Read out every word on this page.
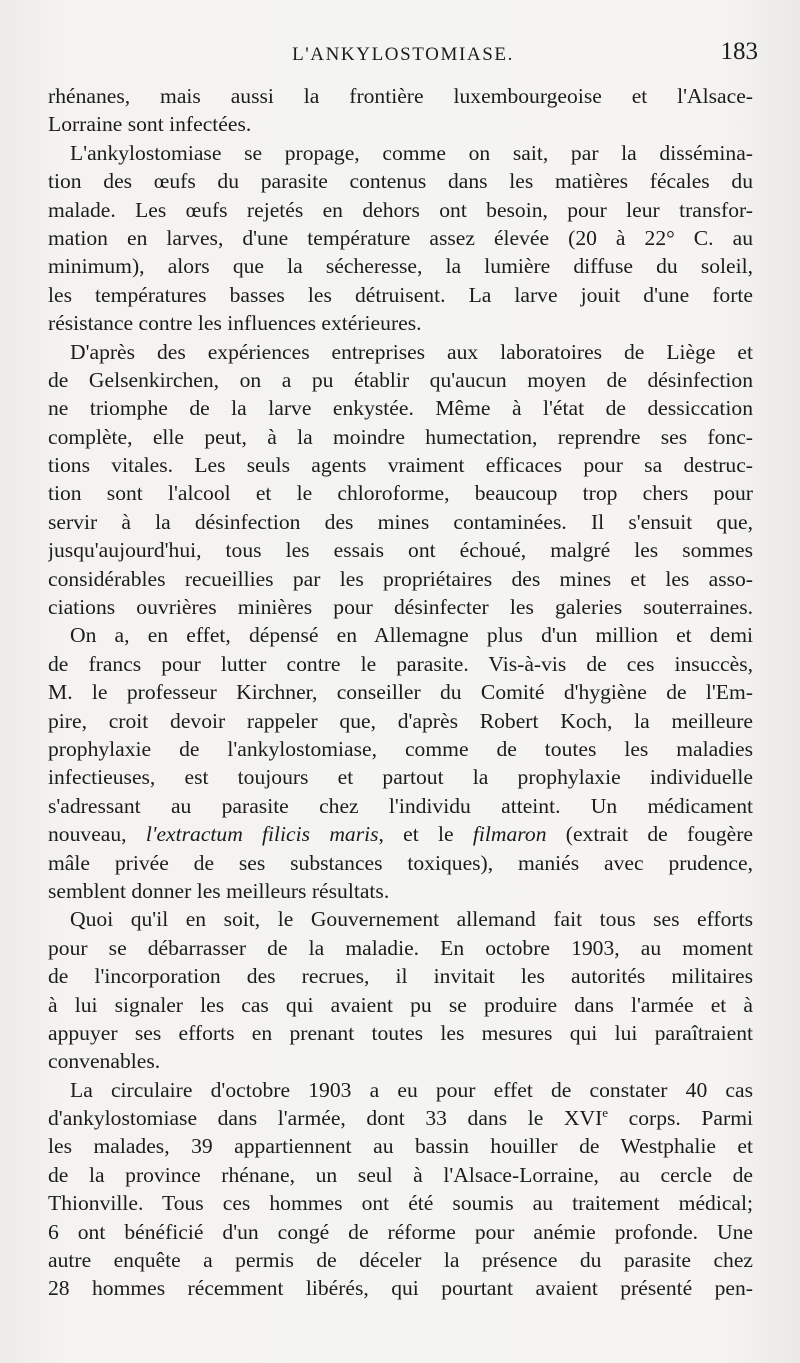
L'ANKYLOSTOMIASE.	183
rhénanes, mais aussi la frontière luxembourgeoise et l'Alsace-
Lorraine sont infectées.
L'ankylostomiase se propage, comme on sait, par la dissémina-
tion des œufs du parasite contenus dans les matières fécales du
malade. Les œufs rejetés en dehors ont besoin, pour leur transfor-
mation en larves, d'une température assez élevée (20 à 22° C. au
minimum), alors que la sécheresse, la lumière diffuse du soleil,
les températures basses les détruisent. La larve jouit d'une forte
résistance contre les influences extérieures.
D'après des expériences entreprises aux laboratoires de Liège et
de Gelsenkirchen, on a pu établir qu'aucun moyen de désinfection
ne triomphe de la larve enkystée. Même à l'état de dessiccation
complète, elle peut, à la moindre humectation, reprendre ses fonc-
tions vitales. Les seuls agents vraiment efficaces pour sa destruc-
tion sont l'alcool et le chloroforme, beaucoup trop chers pour
servir à la désinfection des mines contaminées. Il s'ensuit que,
jusqu'aujourd'hui, tous les essais ont échoué, malgré les sommes
considérables recueillies par les propriétaires des mines et les asso-
ciations ouvrières minières pour désinfecter les galeries souterraines.
On a, en effet, dépensé en Allemagne plus d'un million et demi
de francs pour lutter contre le parasite. Vis-à-vis de ces insuccès,
M. le professeur Kirchner, conseiller du Comité d'hygiène de l'Em-
pire, croit devoir rappeler que, d'après Robert Koch, la meilleure
prophylaxie de l'ankylostomiase, comme de toutes les maladies
infectieuses, est toujours et partout la prophylaxie individuelle
s'adressant au parasite chez l'individu atteint. Un médicament
nouveau, l'extractum filicis maris, et le filmaron (extrait de fougère
mâle privée de ses substances toxiques), maniés avec prudence,
semblent donner les meilleurs résultats.
Quoi qu'il en soit, le Gouvernement allemand fait tous ses efforts
pour se débarrasser de la maladie. En octobre 1903, au moment
de l'incorporation des recrues, il invitait les autorités militaires
à lui signaler les cas qui avaient pu se produire dans l'armée et à
appuyer ses efforts en prenant toutes les mesures qui lui paraîtraient
convenables.
La circulaire d'octobre 1903 a eu pour effet de constater 40 cas
d'ankylostomiase dans l'armée, dont 33 dans le XVIe corps. Parmi
les malades, 39 appartiennent au bassin houiller de Westphalie et
de la province rhénane, un seul à l'Alsace-Lorraine, au cercle de
Thionville. Tous ces hommes ont été soumis au traitement médical;
6 ont bénéficié d'un congé de réforme pour anémie profonde. Une
autre enquête a permis de déceler la présence du parasite chez
28 hommes récemment libérés, qui pourtant avaient présenté pen-
